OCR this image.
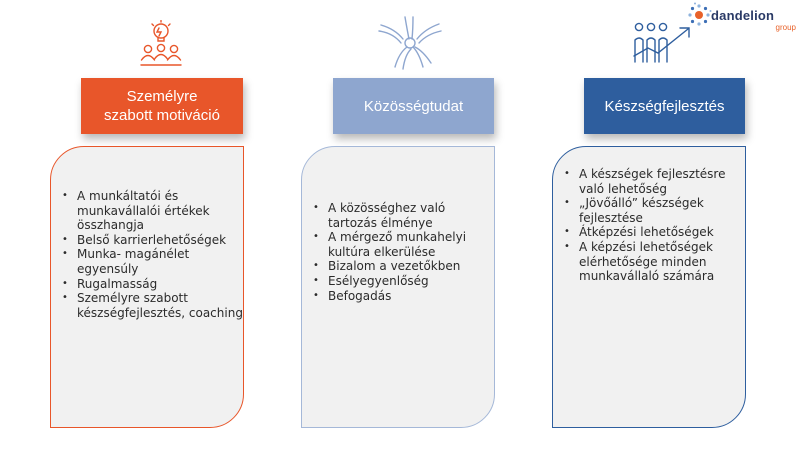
dandelion
group
Személyre
szabott motiváció
Közösségtudat	Készségfejlesztés
• A munkáltatói és munkavállalói értékek összhangja
• Belső karrierlehetőségek
• Munka- magánélet egyensúly
• Rugalmasság
• Személyre szabott készségfejlesztés, coaching
• A közösséghez való tartozás élménye
• A mérgező munkahelyi kultúra elkerülése
• Bizalom a vezetőkben
• Esélyegyenlőség
• Befogadás
• A készségek fejlesztésre való lehetőség
• „Jövőálló” készségek fejlesztése
• Átképzési lehetőségek
• A képzési lehetőségek elérhetősége minden munkavállaló számára
